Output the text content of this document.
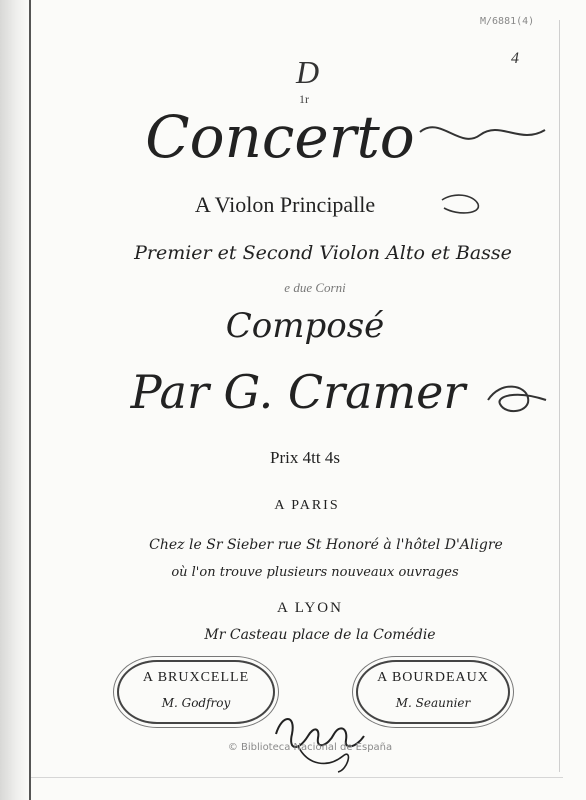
M/6881(4)
4
D
1r
Concerto
A Violon Principalle
Premier et Second Violon Alto et Basse
e due Corni
Composé
Par G. Cramer
Prix 4tt 4s
A PARIS
Chez le Sr Sieber rue St Honoré à l'hôtel D'Aligre
où l'on trouve plusieurs nouveaux ouvrages
A LYON
Mr Casteau place de la Comédie
A BRUXCELLE
M. Godfroy
A BOURDEAUX
M. Seaunier
© Biblioteca Nacional de España
